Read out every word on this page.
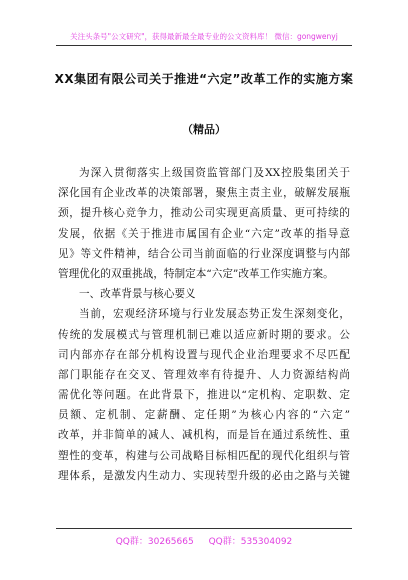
关注头条号"公文研究"，获得最新最全最专业的公文资料库！ 微信：gongwenyj
XX集团有限公司关于推进“六定”改革工作的实施方案
（精品）
为深入贯彻落实上级国资监管部门及XX控股集团关于
深化国有企业改革的决策部署，聚焦主责主业，破解发展瓶
颈，提升核心竞争力，推动公司实现更高质量、更可持续的
发展，依据《关于推进市属国有企业“六定”改革的指导意
见》等文件精神，结合公司当前面临的行业深度调整与内部
管理优化的双重挑战，特制定本“六定”改革工作实施方案。
一、改革背景与核心要义
当前，宏观经济环境与行业发展态势正发生深刻变化，
传统的发展模式与管理机制已难以适应新时期的要求。公
司内部亦存在部分机构设置与现代企业治理要求不尽匹配
部门职能存在交叉、管理效率有待提升、人力资源结构尚
需优化等问题。在此背景下，推进以“定机构、定职数、定
员额、定机制、定薪酬、定任期”为核心内容的“六定”
改革，并非简单的减人、减机构，而是旨在通过系统性、重
塑性的变革，构建与公司战略目标相匹配的现代化组织与管
理体系，是激发内生动力、实现转型升级的必由之路与关键
QQ群：30265665 QQ群：535304092
